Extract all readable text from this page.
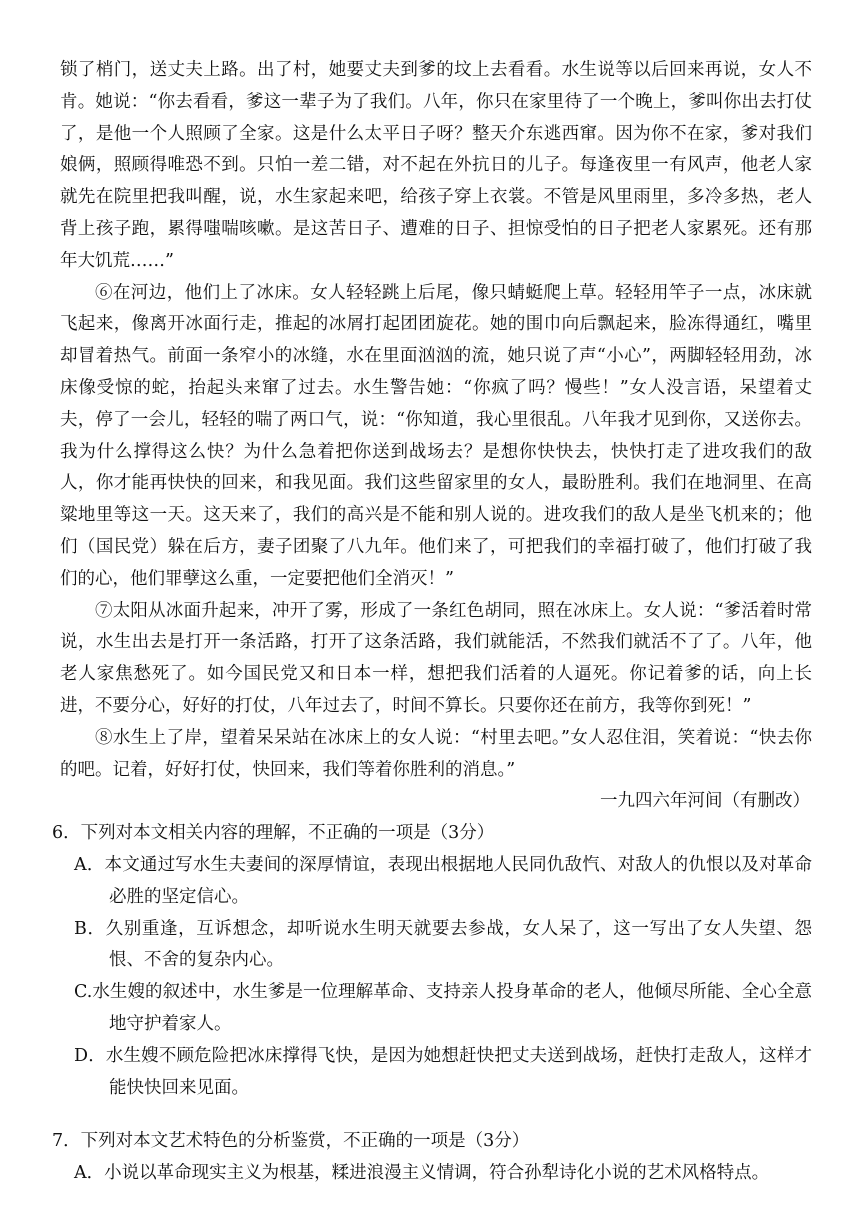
锁了梢门，送丈夫上路。出了村，她要丈夫到爹的坟上去看看。水生说等以后回来再说，女人不肯。她说：“你去看看，爹这一辈子为了我们。八年，你只在家里待了一个晚上，爹叫你出去打仗了，是他一个人照顾了全家。这是什么太平日子呀？整天介东逃西窜。因为你不在家，爹对我们娘俩，照顾得唯恐不到。只怕一差二错，对不起在外抗日的儿子。每逢夜里一有风声，他老人家就先在院里把我叫醒，说，水生家起来吧，给孩子穿上衣裳。不管是风里雨里，多冷多热，老人背上孩子跑，累得嗤喘咳嗽。是这苦日子、遭难的日子、担惊受怕的日子把老人家累死。还有那年大饥荒……”

⑥在河边，他们上了冰床。女人轻轻跳上后尾，像只蜻蜓爬上草。轻轻用竿子一点，冰床就飞起来，像离开冰面行走，推起的冰屑打起团团旋花。她的围巾向后飘起来，脸冻得通红，嘴里却冒着热气。前面一条窄小的冰缝，水在里面汹汹的流，她只说了声“小心”，两脚轻轻用劲，冰床像受惊的蛇，抬起头来窜了过去。水生警告她：“你疯了吗？慢些！”女人没言语，呆望着丈夫，停了一会儿，轻轻的喘了两口气，说：“你知道，我心里很乱。八年我才见到你，又送你去。我为什么撑得这么快？为什么急着把你送到战场去？是想你快快去，快快打走了进攻我们的敌人，你才能再快快的回来，和我见面。我们这些留家里的女人，最盼胜利。我们在地洞里、在高粱地里等这一天。这天来了，我们的高兴是不能和别人说的。进攻我们的敌人是坐飞机来的；他们（国民党）躲在后方，妻子团聚了八九年。他们来了，可把我们的幸福打破了，他们打破了我们的心，他们罪孽这么重，一定要把他们全消灭！”

⑦太阳从冰面升起来，冲开了雾，形成了一条红色胡同，照在冰床上。女人说：“爹活着时常说，水生出去是打开一条活路，打开了这条活路，我们就能活，不然我们就活不了了。八年，他老人家焦愁死了。如今国民党又和日本一样，想把我们活着的人逼死。你记着爹的话，向上长进，不要分心，好好的打仗，八年过去了，时间不算长。只要你还在前方，我等你到死！”

⑧水生上了岸，望着呆呆站在冰床上的女人说：“村里去吧。”女人忍住泪，笑着说：“快去你的吧。记着，好好打仗，快回来，我们等着你胜利的消息。”

一九四六年河间（有删改）

6．下列对本文相关内容的理解，不正确的一项是（3分）

A．本文通过写水生夫妻间的深厚情谊，表现出根据地人民同仇敌忾、对敌人的仇恨以及对革命必胜的坚定信心。

B．久别重逢，互诉想念，却听说水生明天就要去参战，女人呆了，这一写出了女人失望、怨恨、不舍的复杂内心。

C.水生嫂的叙述中，水生爹是一位理解革命、支持亲人投身革命的老人，他倾尽所能、全心全意地守护着家人。

D．水生嫂不顾危险把冰床撑得飞快，是因为她想赶快把丈夫送到战场，赶快打走敌人，这样才能快快回来见面。

7．下列对本文艺术特色的分析鉴赏，不正确的一项是（3分）

A．小说以革命现实主义为根基，糅进浪漫主义情调，符合孙犁诗化小说的艺术风格特点。
